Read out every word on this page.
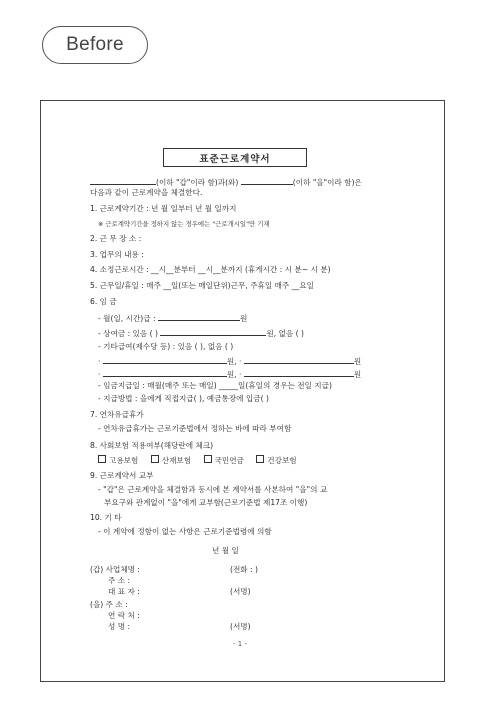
Before
표준근로계약서
(이하 "갑"이라 함)과(와)	(이하 "을"이라 함)은
다음과 같이 근로계약을 체결한다.
1. 근로계약기간 : 년 월 일부터 년 월 일까지
※ 근로계약기간을 정하지 않는 경우에는 "근로개시일"만 기재
2. 근 무 장 소 :
3. 업무의 내용 :
4. 소정근로시간 : __시__분부터 __시__분까지 (휴게시간 : 시 분~ 시 분)
5. 근무일/휴일 : 매주 __일(또는 매일단위)근무, 주휴일 매주 __요일
6. 임 금
- 월(일, 시간)급 :	원
- 상여금 : 있음 ( )	원, 없음 ( )
- 기타급여(제수당 등) : 있음 ( ), 없음 ( )
·	원, ·	원
·	원, ·	원
- 임금지급일 : 매월(매주 또는 매일) _____일(휴일의 경우는 전일 지급)
- 지급방법 : 을에게 직접지급( ), 예금통장에 입금( )
7. 연차유급휴가
- 연차유급휴가는 근로기준법에서 정하는 바에 따라 부여함
8. 사회보험 적용여부(해당란에 체크)
고용보험	산재보험	국민연금	건강보험
9. 근로계약서 교부
- "갑"은 근로계약을 체결함과 동시에 본 계약서를 사본하여 "을"의 교
부요구와 관계없이 "을"에게 교부함(근로기준법 제17조 이행)
10. 기 타
- 이 계약에 정함이 없는 사항은 근로기준법령에 의함
년 월 일
(갑) 사업체명 :	(전화 : )
주 소 :
대 표 자 :	(서명)
(을) 주 소 :
연 락 처 :
성 명 :	(서명)
- 1 -
